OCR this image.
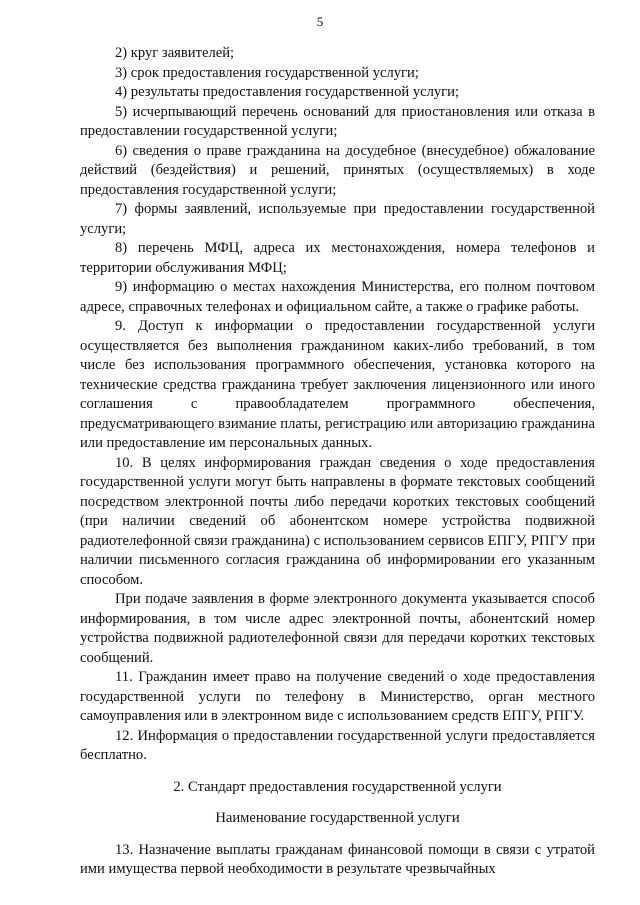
5

2) круг заявителей;

3) срок предоставления государственной услуги;

4) результаты предоставления государственной услуги;

5) исчерпывающий перечень оснований для приостановления или отказа в предоставлении государственной услуги;

6) сведения о праве гражданина на досудебное (внесудебное) обжалование действий (бездействия) и решений, принятых (осуществляемых) в ходе предоставления государственной услуги;

7) формы заявлений, используемые при предоставлении государственной услуги;

8) перечень МФЦ, адреса их местонахождения, номера телефонов и территории обслуживания МФЦ;

9) информацию о местах нахождения Министерства, его полном почтовом адресе, справочных телефонах и официальном сайте, а также о графике работы.

9. Доступ к информации о предоставлении государственной услуги осуществляется без выполнения гражданином каких-либо требований, в том числе без использования программного обеспечения, установка которого на технические средства гражданина требует заключения лицензионного или иного соглашения с правообладателем программного обеспечения, предусматривающего взимание платы, регистрацию или авторизацию гражданина или предоставление им персональных данных.

10. В целях информирования граждан сведения о ходе предоставления государственной услуги могут быть направлены в формате текстовых сообщений посредством электронной почты либо передачи коротких текстовых сообщений (при наличии сведений об абонентском номере устройства подвижной радиотелефонной связи гражданина) с использованием сервисов ЕПГУ, РПГУ при наличии письменного согласия гражданина об информировании его указанным способом.

При подаче заявления в форме электронного документа указывается способ информирования, в том числе адрес электронной почты, абонентский номер устройства подвижной радиотелефонной связи для передачи коротких текстовых сообщений.

11. Гражданин имеет право на получение сведений о ходе предоставления государственной услуги по телефону в Министерство, орган местного самоуправления или в электронном виде с использованием средств ЕПГУ, РПГУ.

12. Информация о предоставлении государственной услуги предоставляется бесплатно.

2. Стандарт предоставления государственной услуги

Наименование государственной услуги

13. Назначение выплаты гражданам финансовой помощи в связи с утратой ими имущества первой необходимости в результате чрезвычайных
